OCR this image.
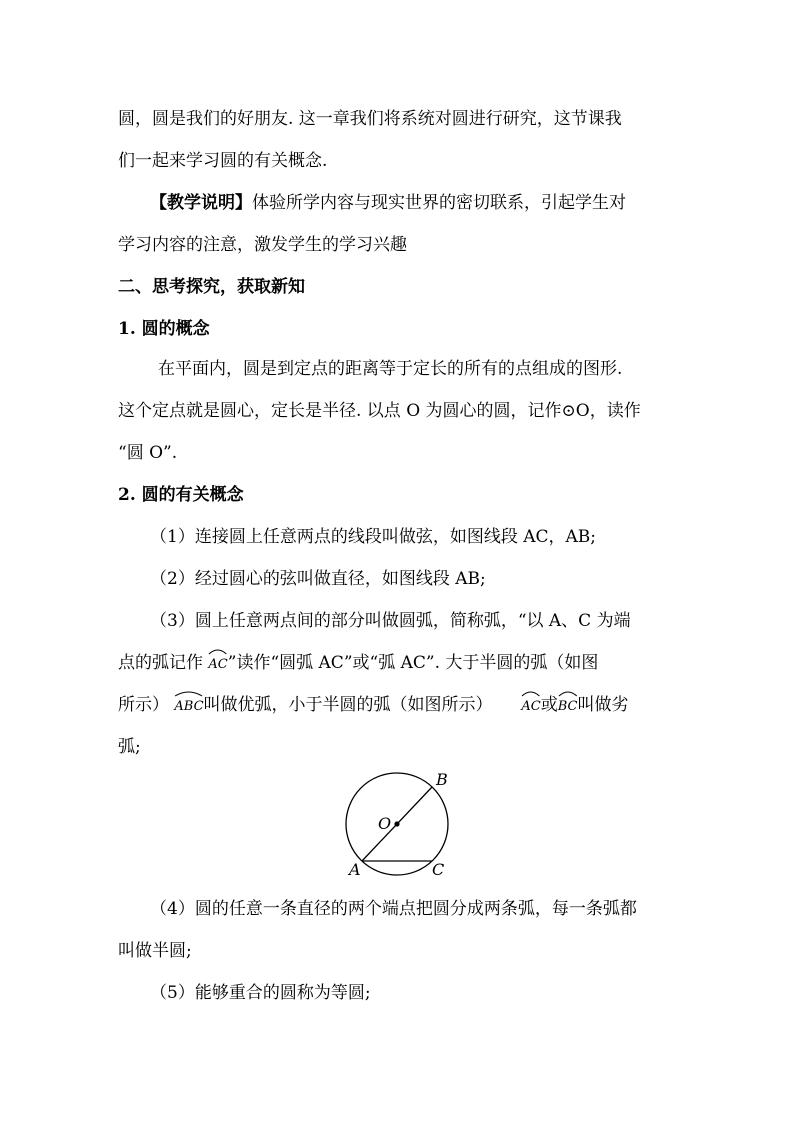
圆，圆是我们的好朋友. 这一章我们将系统对圆进行研究，这节课我
们一起来学习圆的有关概念.
【教学说明】体验所学内容与现实世界的密切联系，引起学生对
学习内容的注意，激发学生的学习兴趣
二、思考探究，获取新知
1. 圆的概念
在平面内，圆是到定点的距离等于定长的所有的点组成的图形.
这个定点就是圆心，定长是半径. 以点 O 为圆心的圆，记作⊙O，读作
“圆 O”.
2. 圆的有关概念
（1）连接圆上任意两点的线段叫做弦，如图线段 AC，AB;
（2）经过圆心的弦叫做直径，如图线段 AB;
（3）圆上任意两点间的部分叫做圆弧，简称弧，“以 A、C 为端
点的弧记作 AC”读作“圆弧 AC”或“弧 AC”. 大于半圆的弧（如图
所示） ABC叫做优弧，小于半圆的弧（如图所示） AC或
BC叫做劣
弧;
B
O
A	C
（4）圆的任意一条直径的两个端点把圆分成两条弧，每一条弧都
叫做半圆;
（5）能够重合的圆称为等圆;
